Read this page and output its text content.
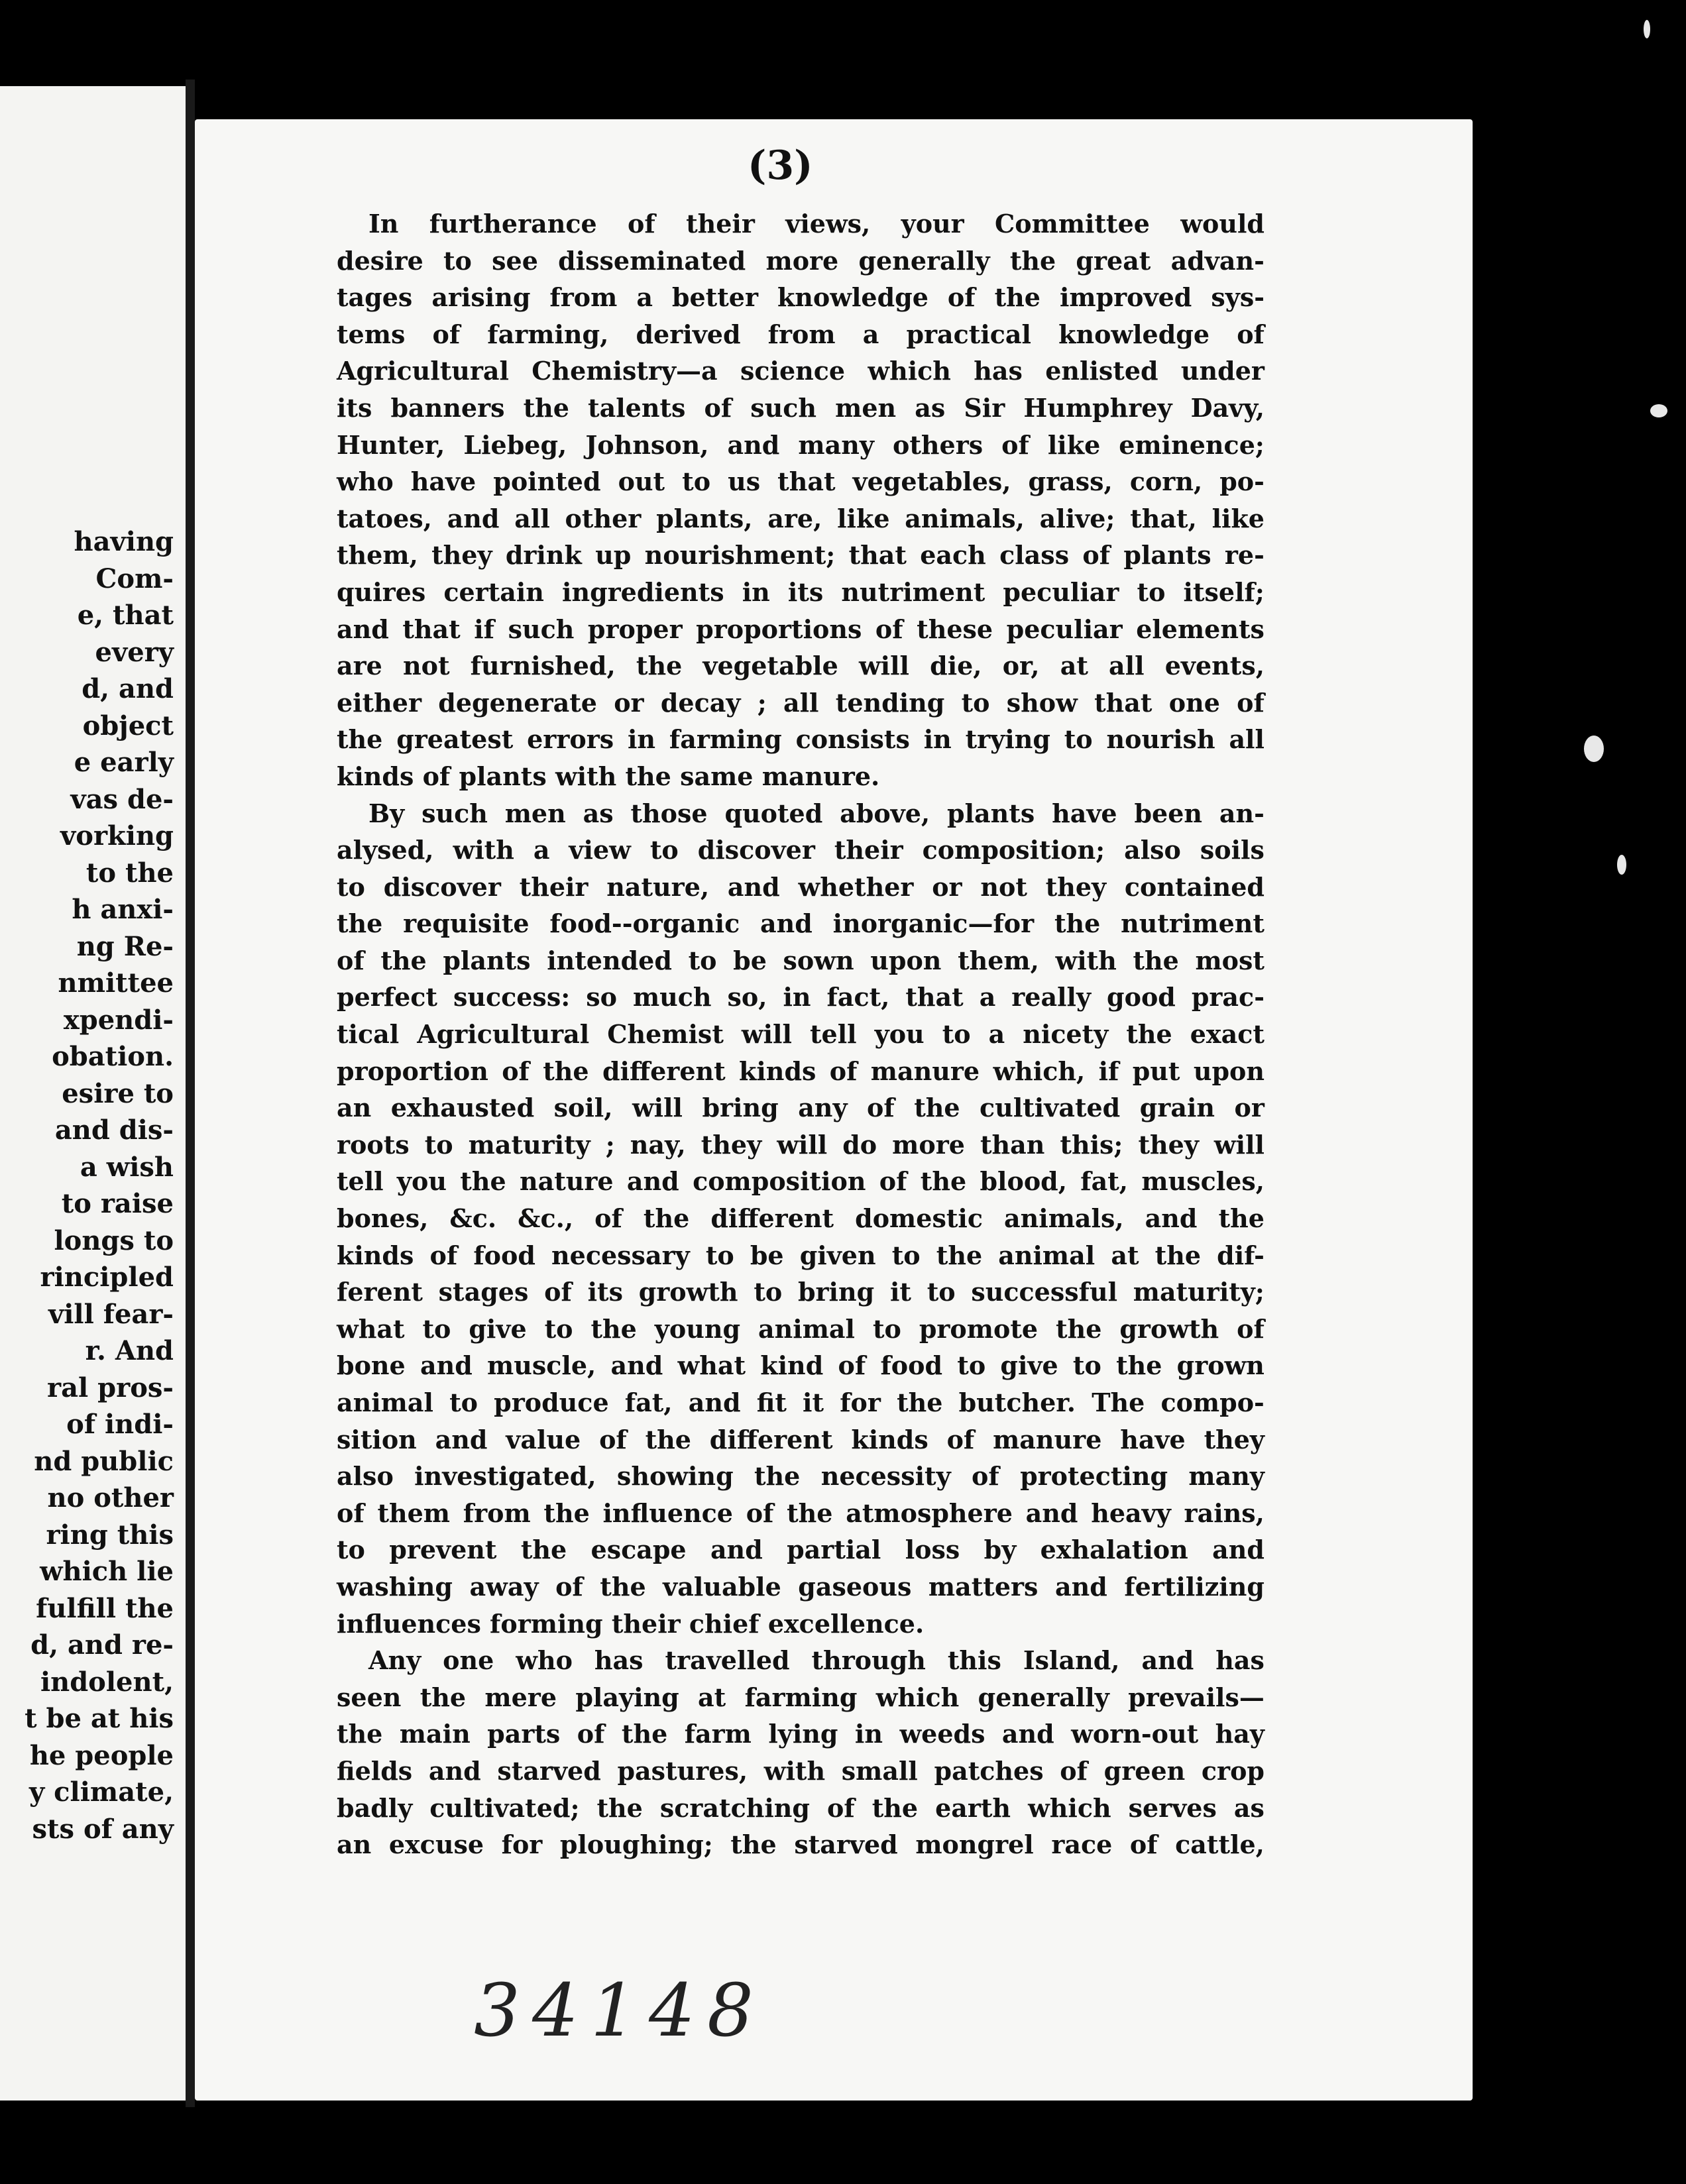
having
Com-
e, that
every
d, and
object
e early
vas de-
vorking
to the
h anxi-
ng Re-
nmittee
xpendi-
obation.
esire to
and dis-
a wish
to raise
longs to
rincipled
vill fear-
r. And
ral pros-
of indi-
nd public
no other
ring this
which lie
fulfill the
d, and re-
indolent,
t be at his
he people
y climate,
sts of any
(3)
In furtherance of their views, your Committee would
desire to see disseminated more generally the great advan-
tages arising from a better knowledge of the improved sys-
tems of farming, derived from a practical knowledge of
Agricultural Chemistry—a science which has enlisted under
its banners the talents of such men as Sir Humphrey Davy,
Hunter, Liebeg, Johnson, and many others of like eminence;
who have pointed out to us that vegetables, grass, corn, po-
tatoes, and all other plants, are, like animals, alive; that, like
them, they drink up nourishment; that each class of plants re-
quires certain ingredients in its nutriment peculiar to itself;
and that if such proper proportions of these peculiar elements
are not furnished, the vegetable will die, or, at all events,
either degenerate or decay ; all tending to show that one of
the greatest errors in farming consists in trying to nourish all
kinds of plants with the same manure.
By such men as those quoted above, plants have been an-
alysed, with a view to discover their composition; also soils
to discover their nature, and whether or not they contained
the requisite food--organic and inorganic—for the nutriment
of the plants intended to be sown upon them, with the most
perfect success: so much so, in fact, that a really good prac-
tical Agricultural Chemist will tell you to a nicety the exact
proportion of the different kinds of manure which, if put upon
an exhausted soil, will bring any of the cultivated grain or
roots to maturity ; nay, they will do more than this; they will
tell you the nature and composition of the blood, fat, muscles,
bones, &c. &c., of the different domestic animals, and the
kinds of food necessary to be given to the animal at the dif-
ferent stages of its growth to bring it to successful maturity;
what to give to the young animal to promote the growth of
bone and muscle, and what kind of food to give to the grown
animal to produce fat, and fit it for the butcher. The compo-
sition and value of the different kinds of manure have they
also investigated, showing the necessity of protecting many
of them from the influence of the atmosphere and heavy rains,
to prevent the escape and partial loss by exhalation and
washing away of the valuable gaseous matters and fertilizing
influences forming their chief excellence.
Any one who has travelled through this Island, and has
seen the mere playing at farming which generally prevails—
the main parts of the farm lying in weeds and worn-out hay
fields and starved pastures, with small patches of green crop
badly cultivated; the scratching of the earth which serves as
an excuse for ploughing; the starved mongrel race of cattle,
34148
